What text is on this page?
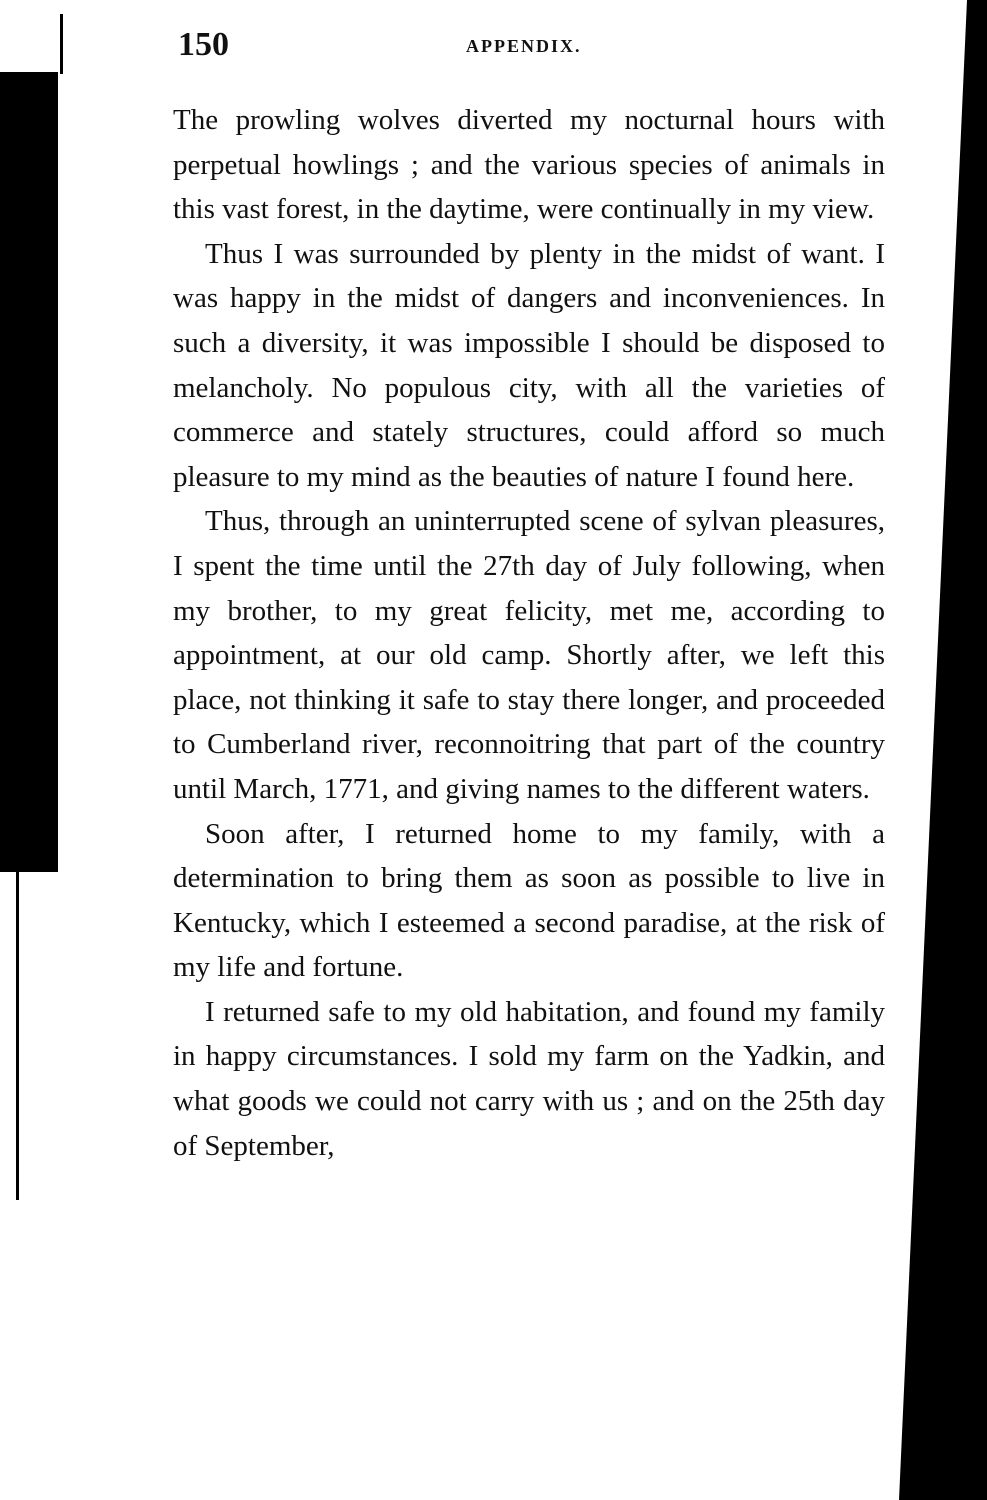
150	APPENDIX.

The prowling wolves diverted my nocturnal hours with perpetual howlings ; and the various species of animals in this vast forest, in the daytime, were continually in my view.

Thus I was surrounded by plenty in the midst of want. I was happy in the midst of dangers and inconveniences. In such a diversity, it was impossible I should be disposed to melancholy. No populous city, with all the varieties of commerce and stately structures, could afford so much pleasure to my mind as the beauties of nature I found here.

Thus, through an uninterrupted scene of sylvan pleasures, I spent the time until the 27th day of July following, when my brother, to my great felicity, met me, according to appointment, at our old camp. Shortly after, we left this place, not thinking it safe to stay there longer, and proceeded to Cumberland river, reconnoitring that part of the country until March, 1771, and giving names to the different waters.

Soon after, I returned home to my family, with a determination to bring them as soon as possible to live in Kentucky, which I esteemed a second paradise, at the risk of my life and fortune.

I returned safe to my old habitation, and found my family in happy circumstances. I sold my farm on the Yadkin, and what goods we could not carry with us ; and on the 25th day of September,
